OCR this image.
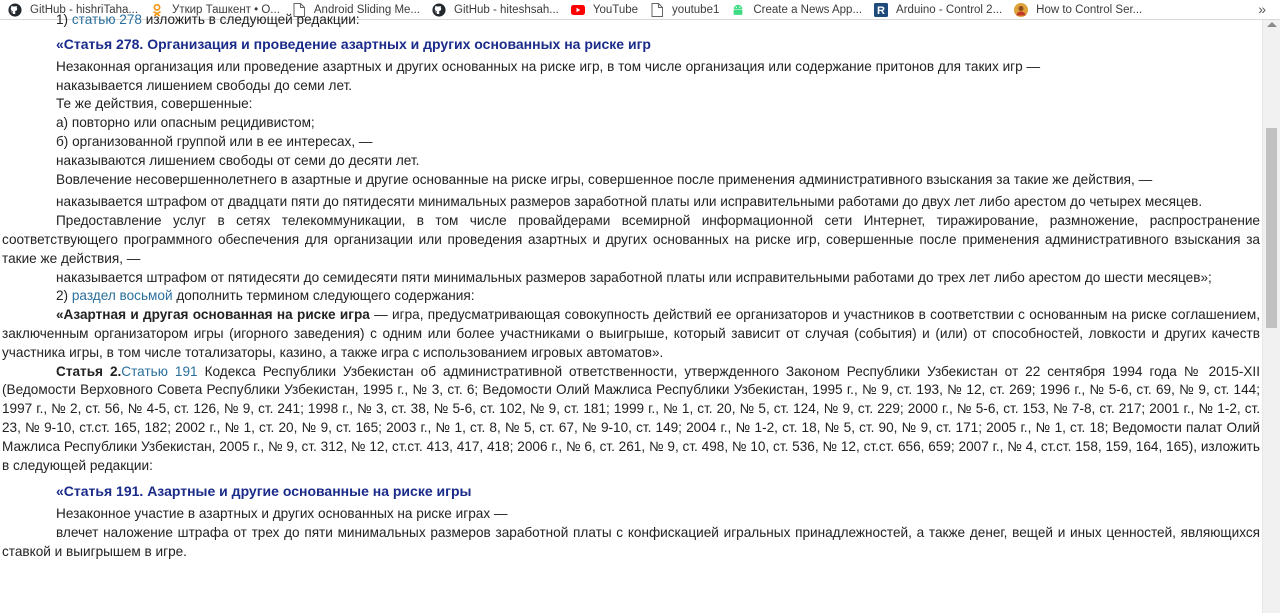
GitHub - hishriTaha...	Уткир Ташкент • О...	Android Sliding Me...	GitHub - hiteshsah...	YouTube	youtube1	Create a News App... R Arduino - Control 2...	How to Control Ser...	»

1) статью 278 изложить в следующей редакции:

«Статья 278. Организация и проведение азартных и других основанных на риске игр

Незаконная организация или проведение азартных и других основанных на риске игр, в том числе организация или содержание притонов для таких игр —

наказывается лишением свободы до семи лет.

Те же действия, совершенные:

а) повторно или опасным рецидивистом;

б) организованной группой или в ее интересах, —

наказываются лишением свободы от семи до десяти лет.

Вовлечение несовершеннолетнего в азартные и другие основанные на риске игры, совершенное после применения административного взыскания за такие же действия, —

наказывается штрафом от двадцати пяти до пятидесяти минимальных размеров заработной платы или исправительными работами до двух лет либо арестом до четырех месяцев.

Предоставление услуг в сетях телекоммуникации, в том числе провайдерами всемирной информационной сети Интернет, тиражирование, размножение, распространение соответствующего программного обеспечения для организации или проведения азартных и других основанных на риске игр, совершенные после применения административного взыскания за такие же действия, —

наказывается штрафом от пятидесяти до семидесяти пяти минимальных размеров заработной платы или исправительными работами до трех лет либо арестом до шести месяцев»;

2) раздел восьмой дополнить термином следующего содержания:

«Азартная и другая основанная на риске игра — игра, предусматривающая совокупность действий ее организаторов и участников в соответствии с основанным на риске соглашением, заключенным организатором игры (игорного заведения) с одним или более участниками о выигрыше, который зависит от случая (события) и (или) от способностей, ловкости и других качеств участника игры, в том числе тотализаторы, казино, а также игра с использованием игровых автоматов».

Статья 2.Статью 191 Кодекса Республики Узбекистан об административной ответственности, утвержденного Законом Республики Узбекистан от 22 сентября 1994 года № 2015-XII (Ведомости Верховного Совета Республики Узбекистан, 1995 г., № 3, ст. 6; Ведомости Олий Мажлиса Республики Узбекистан, 1995 г., № 9, ст. 193, № 12, ст. 269; 1996 г., № 5-6, ст. 69, № 9, ст. 144; 1997 г., № 2, ст. 56, № 4-5, ст. 126, № 9, ст. 241; 1998 г., № 3, ст. 38, № 5-6, ст. 102, № 9, ст. 181; 1999 г., № 1, ст. 20, № 5, ст. 124, № 9, ст. 229; 2000 г., № 5-6, ст. 153, № 7-8, ст. 217; 2001 г., № 1-2, ст. 23, № 9-10, ст.ст. 165, 182; 2002 г., № 1, ст. 20, № 9, ст. 165; 2003 г., № 1, ст. 8, № 5, ст. 67, № 9-10, ст. 149; 2004 г., № 1-2, ст. 18, № 5, ст. 90, № 9, ст. 171; 2005 г., № 1, ст. 18; Ведомости палат Олий Мажлиса Республики Узбекистан, 2005 г., № 9, ст. 312, № 12, ст.ст. 413, 417, 418; 2006 г., № 6, ст. 261, № 9, ст. 498, № 10, ст. 536, № 12, ст.ст. 656, 659; 2007 г., № 4, ст.ст. 158, 159, 164, 165), изложить в следующей редакции:

«Статья 191. Азартные и другие основанные на риске игры

Незаконное участие в азартных и других основанных на риске играх —

влечет наложение штрафа от трех до пяти минимальных размеров заработной платы с конфискацией игральных принадлежностей, а также денег, вещей и иных ценностей, являющихся ставкой и выигрышем в игре.
